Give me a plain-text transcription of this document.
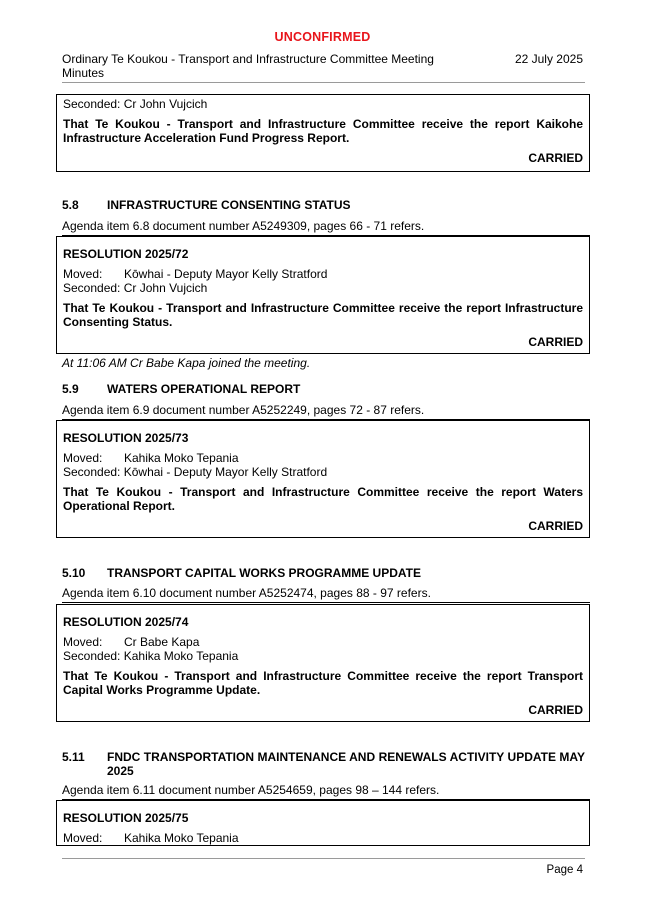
UNCONFIRMED
Ordinary Te Koukou - Transport and Infrastructure Committee Meeting Minutes
22 July 2025
Seconded: Cr John Vujcich
That Te Koukou - Transport and Infrastructure Committee receive the report Kaikohe Infrastructure Acceleration Fund Progress Report.
CARRIED
5.8 INFRASTRUCTURE CONSENTING STATUS
Agenda item 6.8 document number A5249309, pages 66 - 71 refers.
RESOLUTION 2025/72
Moved: Kōwhai - Deputy Mayor Kelly Stratford
Seconded: Cr John Vujcich
That Te Koukou - Transport and Infrastructure Committee receive the report Infrastructure Consenting Status.
CARRIED
At 11:06 AM Cr Babe Kapa joined the meeting.
5.9 WATERS OPERATIONAL REPORT
Agenda item 6.9 document number A5252249, pages 72 - 87 refers.
RESOLUTION 2025/73
Moved: Kahika Moko Tepania
Seconded: Kōwhai - Deputy Mayor Kelly Stratford
That Te Koukou - Transport and Infrastructure Committee receive the report Waters Operational Report.
CARRIED
5.10 TRANSPORT CAPITAL WORKS PROGRAMME UPDATE
Agenda item 6.10 document number A5252474, pages 88 - 97 refers.
RESOLUTION 2025/74
Moved: Cr Babe Kapa
Seconded: Kahika Moko Tepania
That Te Koukou - Transport and Infrastructure Committee receive the report Transport Capital Works Programme Update.
CARRIED
5.11 FNDC TRANSPORTATION MAINTENANCE AND RENEWALS ACTIVITY UPDATE MAY 2025
Agenda item 6.11 document number A5254659, pages 98 – 144 refers.
RESOLUTION 2025/75
Moved: Kahika Moko Tepania
Page 4
